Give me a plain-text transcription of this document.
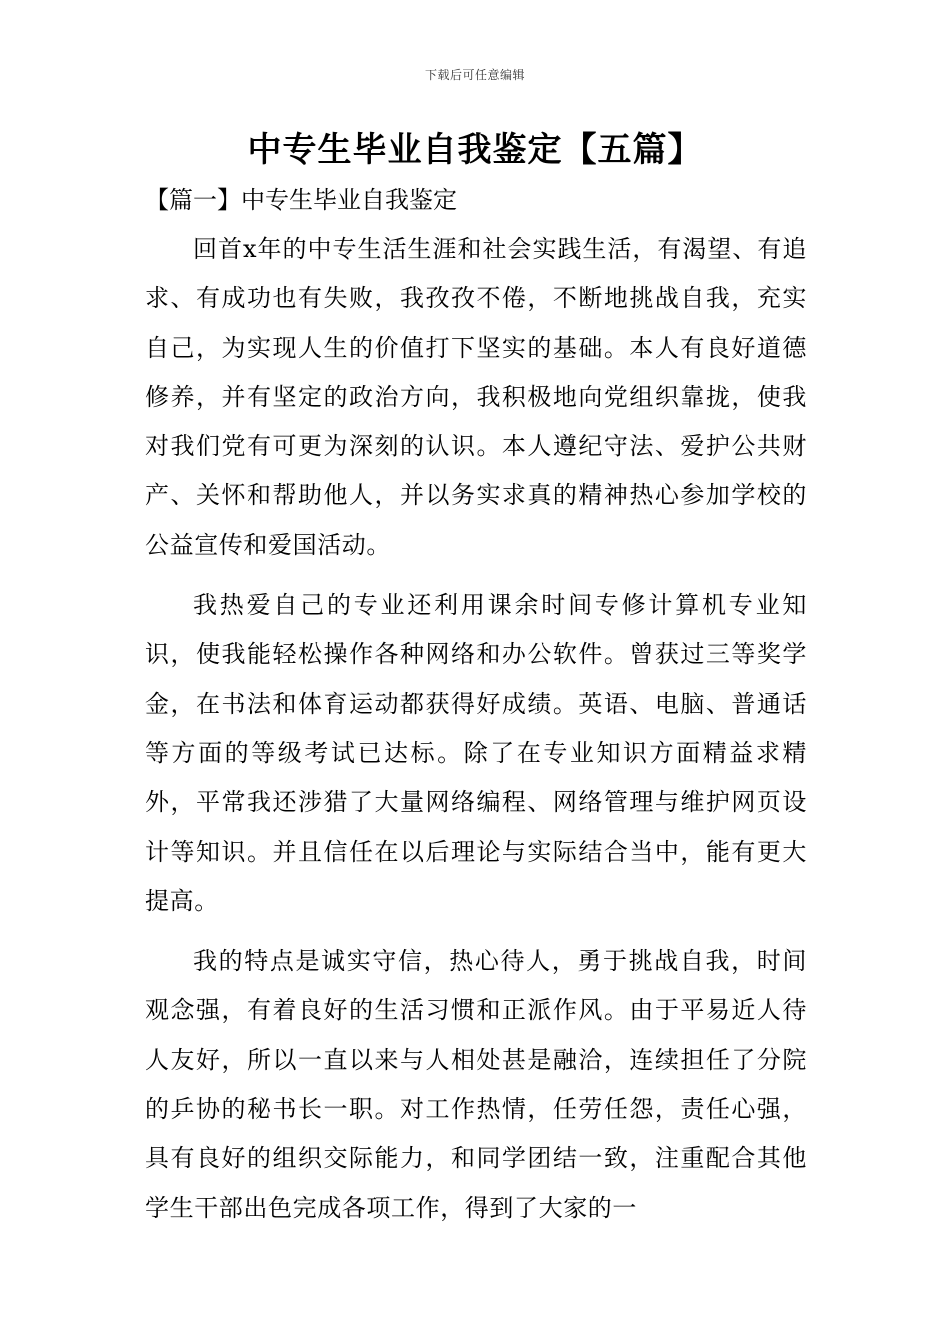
下载后可任意编辑
中专生毕业自我鉴定【五篇】
【篇一】中专生毕业自我鉴定

回首x年的中专生活生涯和社会实践生活，有渴望、有追求、有成功也有失败，我孜孜不倦，不断地挑战自我，充实自己，为实现人生的价值打下坚实的基础。本人有良好道德修养，并有坚定的政治方向，我积极地向党组织靠拢，使我对我们党有可更为深刻的认识。本人遵纪守法、爱护公共财产、关怀和帮助他人，并以务实求真的精神热心参加学校的公益宣传和爱国活动。

我热爱自己的专业还利用课余时间专修计算机专业知识，使我能轻松操作各种网络和办公软件。曾获过三等奖学金，在书法和体育运动都获得好成绩。英语、电脑、普通话等方面的等级考试已达标。除了在专业知识方面精益求精外，平常我还涉猎了大量网络编程、网络管理与维护网页设计等知识。并且信任在以后理论与实际结合当中，能有更大提高。

我的特点是诚实守信，热心待人，勇于挑战自我，时间观念强，有着良好的生活习惯和正派作风。由于平易近人待人友好，所以一直以来与人相处甚是融洽，连续担任了分院的乒协的秘书长一职。对工作热情，任劳任怨，责任心强，具有良好的组织交际能力，和同学团结一致，注重配合其他学生干部出色完成各项工作，得到了大家的一
